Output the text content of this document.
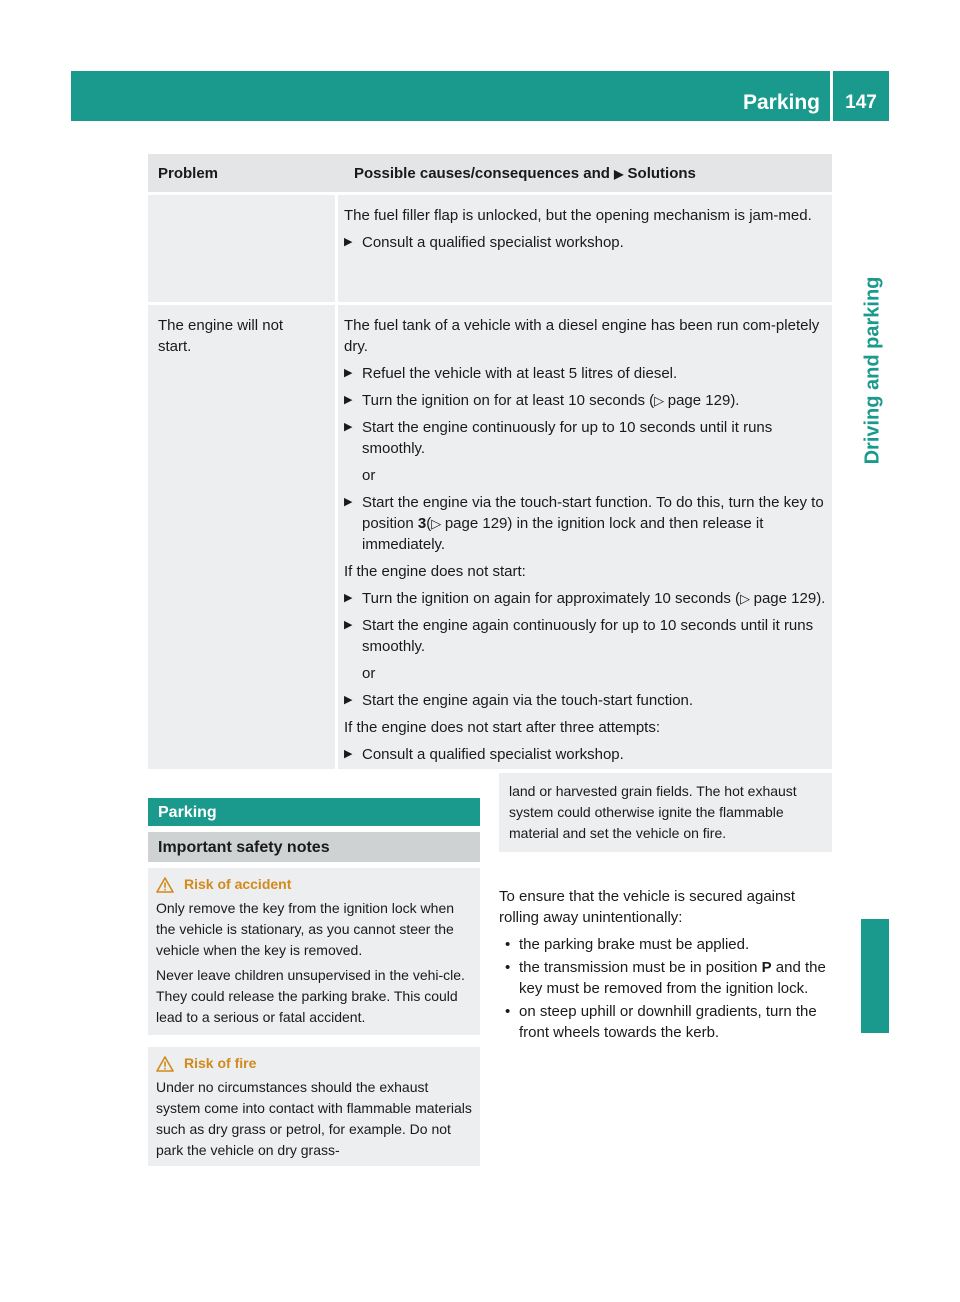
Parking	147
Driving and parking
Problem	Possible causes/consequences and ▶ Solutions

The fuel filler flap is unlocked, but the opening mechanism is jam-med.

▶ Consult a qualified specialist workshop.
The engine will not start.

The fuel tank of a vehicle with a diesel engine has been run com-pletely dry.

▶ Refuel the vehicle with at least 5 litres of diesel.
▶ Turn the ignition on for at least 10 seconds (▷ page 129).
▶ Start the engine continuously for up to 10 seconds until it runs smoothly.
or
▶ Start the engine via the touch-start function. To do this, turn the key to position 3(▷ page 129) in the ignition lock and then release it immediately.

If the engine does not start:

▶ Turn the ignition on again for approximately 10 seconds (▷ page 129).
▶ Start the engine again continuously for up to 10 seconds until it runs smoothly.
or
▶ Start the engine again via the touch-start function.

If the engine does not start after three attempts:

▶ Consult a qualified specialist workshop.
Parking
Important safety notes
Risk of accident

Only remove the key from the ignition lock when the vehicle is stationary, as you cannot steer the vehicle when the key is removed.

Never leave children unsupervised in the vehi-cle. They could release the parking brake. This could lead to a serious or fatal accident.

Risk of fire

Under no circumstances should the exhaust system come into contact with flammable materials such as dry grass or petrol, for example. Do not park the vehicle on dry grass-

land or harvested grain fields. The hot exhaust system could otherwise ignite the flammable material and set the vehicle on fire.

To ensure that the vehicle is secured against rolling away unintentionally:

• the parking brake must be applied.
• the transmission must be in position P and the key must be removed from the ignition lock.
• on steep uphill or downhill gradients, turn the front wheels towards the kerb.
